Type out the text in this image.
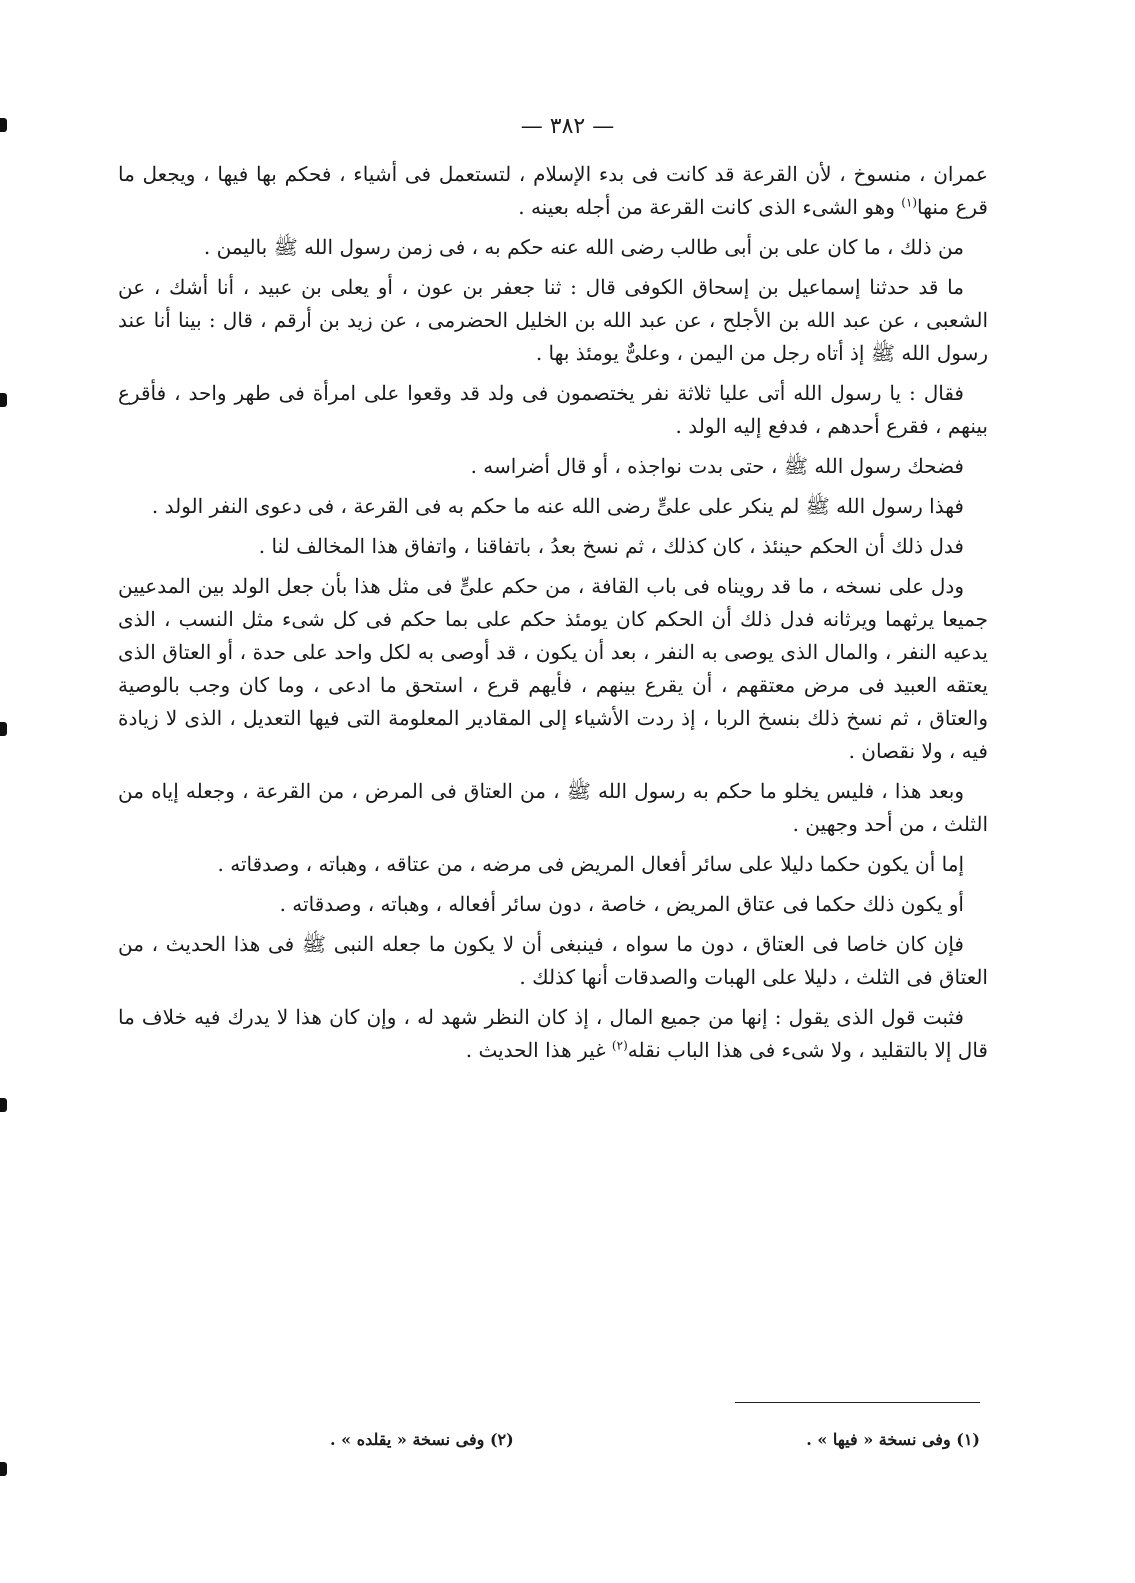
— ٣٨٢ —

عمران ، منسوخ ، لأن القرعة قد كانت فى بدء الإسلام ، لتستعمل فى أشياء ، فحكم بها فيها ، ويجعل ما قرع منها$^{(١)}$ وهو الشىء الذى كانت القرعة من أجله بعينه .

من ذلك ، ما كان على بن أبى طالب رضى الله عنه حكم به ، فى زمن رسول الله ﷺ باليمن .

ما قد حدثنا إسماعيل بن إسحاق الكوفى قال : ثنا جعفر بن عون ، أو يعلى بن عبيد ، أنا أشك ، عن الشعبى ، عن عبد الله بن الأجلح ، عن عبد الله بن الخليل الحضرمى ، عن زيد بن أرقم ، قال : بينا أنا عند رسول الله ﷺ إذ أتاه رجل من اليمن ، وعلىٌّ يومئذ بها .

فقال : يا رسول الله أتى عليا ثلاثة نفر يختصمون فى ولد قد وقعوا على امرأة فى طهر واحد ، فأقرع بينهم ، فقرع أحدهم ، فدفع إليه الولد .

فضحك رسول الله ﷺ ، حتى بدت نواجذه ، أو قال أضراسه .

فهذا رسول الله ﷺ لم ينكر على علىٍّ رضى الله عنه ما حكم به فى القرعة ، فى دعوى النفر الولد .

فدل ذلك أن الحكم حينئذ ، كان كذلك ، ثم نسخ بعدُ ، باتفاقنا ، واتفاق هذا المخالف لنا .

ودل على نسخه ، ما قد رويناه فى باب القافة ، من حكم علىٍّ فى مثل هذا بأن جعل الولد بين المدعيين جميعا يرثهما ويرثانه فدل ذلك أن الحكم كان يومئذ حكم على بما حكم فى كل شىء مثل النسب ، الذى يدعيه النفر ، والمال الذى يوصى به النفر ، بعد أن يكون ، قد أوصى به لكل واحد على حدة ، أو العتاق الذى يعتقه العبيد فى مرض معتقهم ، أن يقرع بينهم ، فأيهم قرع ، استحق ما ادعى ، وما كان وجب بالوصية والعتاق ، ثم نسخ ذلك بنسخ الربا ، إذ ردت الأشياء إلى المقادير المعلومة التى فيها التعديل ، الذى لا زيادة فيه ، ولا نقصان .

وبعد هذا ، فليس يخلو ما حكم به رسول الله ﷺ ، من العتاق فى المرض ، من القرعة ، وجعله إياه من الثلث ، من أحد وجهين .

إما أن يكون حكما دليلا على سائر أفعال المريض فى مرضه ، من عتاقه ، وهباته ، وصدقاته .

أو يكون ذلك حكما فى عتاق المريض ، خاصة ، دون سائر أفعاله ، وهباته ، وصدقاته .

فإن كان خاصا فى العتاق ، دون ما سواه ، فينبغى أن لا يكون ما جعله النبى ﷺ فى هذا الحديث ، من العتاق فى الثلث ، دليلا على الهبات والصدقات أنها كذلك .

فثبت قول الذى يقول : إنها من جميع المال ، إذ كان النظر شهد له ، وإن كان هذا لا يدرك فيه خلاف ما قال إلا بالتقليد ، ولا شىء فى هذا الباب نقله$^{(٢)}$ غير هذا الحديث .

(١) وفى نسخة « فيها » .
(٢) وفى نسخة « يقلده » .
